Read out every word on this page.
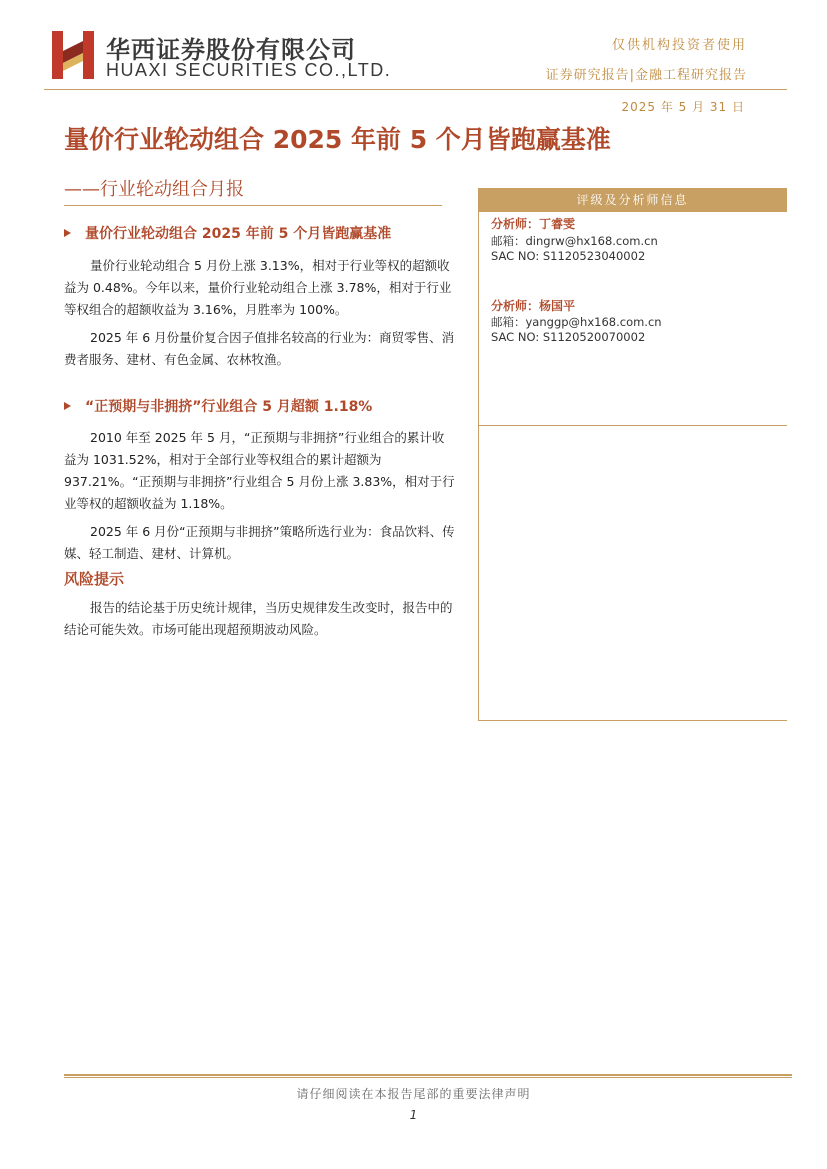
华西证券股份有限公司
HUAXI SECURITIES CO.,LTD.
仅供机构投资者使用
证券研究报告|金融工程研究报告
2025 年 5 月 31 日
量价行业轮动组合 2025 年前 5 个月皆跑赢基准
——行业轮动组合月报
量价行业轮动组合 2025 年前 5 个月皆跑赢基准

量价行业轮动组合 5 月份上涨 3.13%，相对于行业等权的超额收益为 0.48%。今年以来，量价行业轮动组合上涨 3.78%，相对于行业等权组合的超额收益为 3.16%，月胜率为 100%。

2025 年 6 月份量价复合因子值排名较高的行业为：商贸零售、消费者服务、建材、有色金属、农林牧渔。

“正预期与非拥挤”行业组合 5 月超额 1.18%

2010 年至 2025 年 5 月，“正预期与非拥挤”行业组合的累计收益为 1031.52%，相对于全部行业等权组合的累计超额为 937.21%。“正预期与非拥挤”行业组合 5 月份上涨 3.83%，相对于行业等权的超额收益为 1.18%。

2025 年 6 月份“正预期与非拥挤”策略所选行业为：食品饮料、传媒、轻工制造、建材、计算机。

风险提示

报告的结论基于历史统计规律，当历史规律发生改变时，报告中的结论可能失效。市场可能出现超预期波动风险。

评级及分析师信息
分析师：丁睿雯
邮箱：dingrw@hx168.com.cn
SAC NO: S1120523040002
分析师：杨国平
邮箱：yanggp@hx168.com.cn
SAC NO: S1120520070002
请仔细阅读在本报告尾部的重要法律声明
1
